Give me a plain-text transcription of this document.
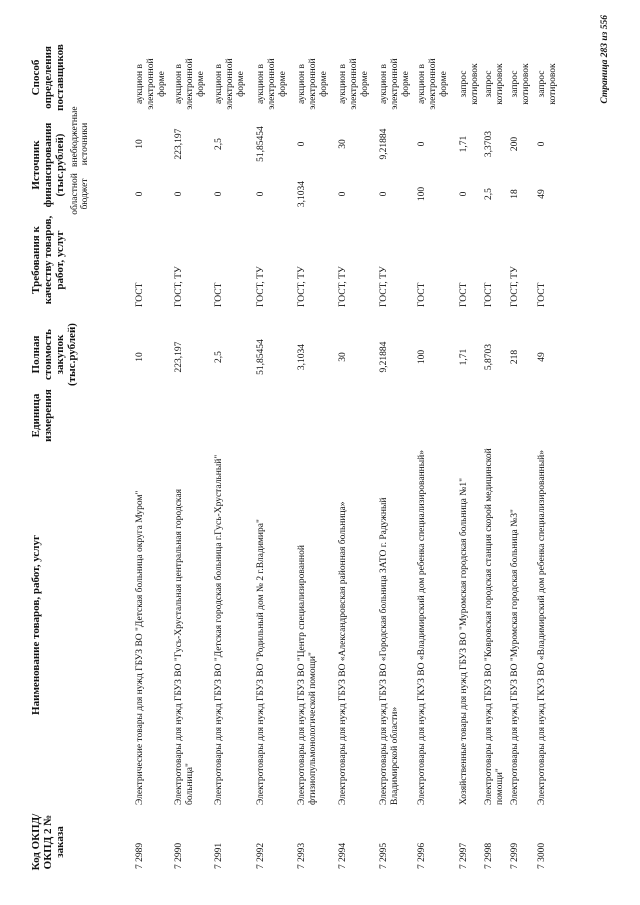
Код ОКПД/ ОКПД 2 № заказа
Наименование товаров, работ, услуг
Единица измерения
Полная стоимость закупок (тыс.рублей)
Требования к качеству товаров, работ, услуг
Источник финансирования (тыс.рублей) областной бюджет
внебюджетные источники
Способ определения поставщиков
7 2989
Электрические товары для нужд ГБУЗ ВО "Детская больница округа Муром"
10
ГОСТ
0
10
аукцион в электронной форме
7 2990
Электротовары для нужд ГБУЗ ВО "Гусь-Хрустальная центральная городская больница"
223,197
ГОСТ, ТУ
0
223,197
аукцион в электронной форме
7 2991
Электротовары для нужд ГБУЗ ВО "Детская городская больница г.Гусь-Хрустальный"
2,5
ГОСТ
0
2,5
аукцион в электронной форме
7 2992
Электротовары для нужд ГБУЗ ВО "Родильный дом № 2 г.Владимира"
51,85454
ГОСТ, ТУ
0
51,85454
аукцион в электронной форме
7 2993
Электротовары для нужд ГБУЗ ВО "Центр специализированной фтизиопульмонологической помощи"
3,1034
ГОСТ, ТУ
3,1034
0
аукцион в электронной форме
7 2994
Электротовары для нужд ГБУЗ ВО «Александровская районная больница»
30
ГОСТ, ТУ
0
30
аукцион в электронной форме
7 2995
Электротовары для нужд ГБУЗ ВО «Городская больница ЗАТО г. Радужный Владимирской области»
9,21884
ГОСТ, ТУ
0
9,21884
аукцион в электронной форме
7 2996
Электротовары для нужд ГКУЗ ВО «Владимирский дом ребенка специализированный»
100
ГОСТ
100
0
аукцион в электронной форме
7 2997
Хозяйственные товары для нужд ГБУЗ ВО "Муромская городская больница №1"
1,71
ГОСТ
0
1,71
запрос котировок
7 2998
Электротовары для нужд ГБУЗ ВО "Ковровская городская станция скорой медицинской помощи"
5,8703
ГОСТ
2,5
3,3703
запрос котировок
7 2999
Электротовары для нужд ГБУЗ ВО "Муромская городская больница №3"
218
ГОСТ, ТУ
18
200
запрос котировок
7 3000
Электротовары для нужд ГКУЗ ВО «Владимирский дом ребенка специализированный»
49
ГОСТ
49
0
запрос котировок	Страница 283 из 556
